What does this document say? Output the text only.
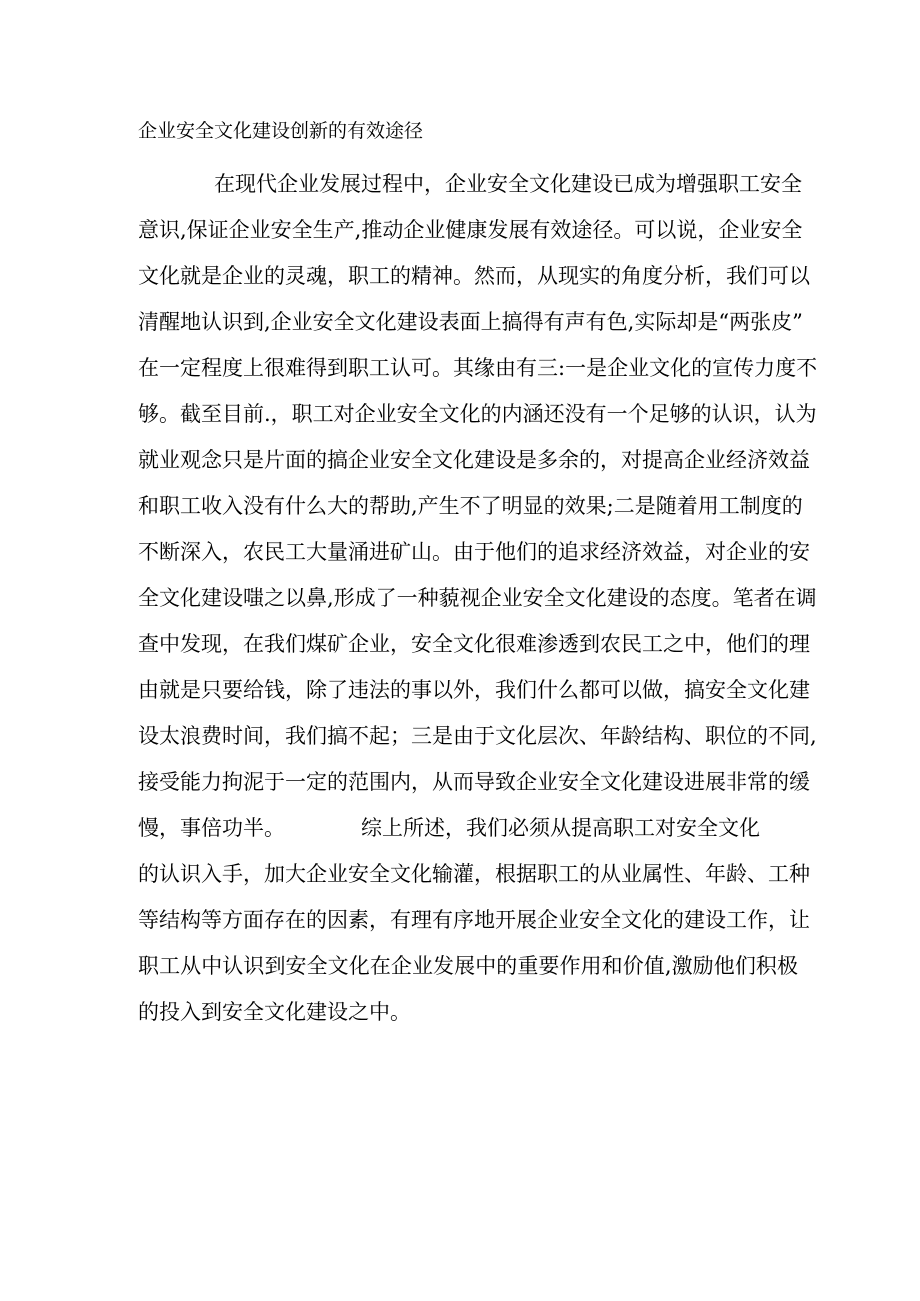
企业安全文化建设创新的有效途径
在现代企业发展过程中，企业安全文化建设已成为增强职工安全
意识,保证企业安全生产,推动企业健康发展有效途径。可以说，企业安全
文化就是企业的灵魂，职工的精神。然而，从现实的角度分析，我们可以
清醒地认识到,企业安全文化建设表面上搞得有声有色,实际却是“两张皮”
在一定程度上很难得到职工认可。其缘由有三:一是企业文化的宣传力度不
够。截至目前.，职工对企业安全文化的内涵还没有一个足够的认识，认为
就业观念只是片面的搞企业安全文化建设是多余的，对提高企业经济效益
和职工收入没有什么大的帮助,产生不了明显的效果;二是随着用工制度的
不断深入，农民工大量涌进矿山。由于他们的追求经济效益，对企业的安
全文化建设嗤之以鼻,形成了一种藐视企业安全文化建设的态度。笔者在调
查中发现，在我们煤矿企业，安全文化很难渗透到农民工之中，他们的理
由就是只要给钱，除了违法的事以外，我们什么都可以做，搞安全文化建
设太浪费时间，我们搞不起；三是由于文化层次、年龄结构、职位的不同,
接受能力拘泥于一定的范围内，从而导致企业安全文化建设进展非常的缓
慢，事倍功半。	综上所述，我们必须从提高职工对安全文化
的认识入手，加大企业安全文化输灌，根据职工的从业属性、年龄、工种
等结构等方面存在的因素，有理有序地开展企业安全文化的建设工作，让
职工从中认识到安全文化在企业发展中的重要作用和价值,激励他们积极
的投入到安全文化建设之中。
